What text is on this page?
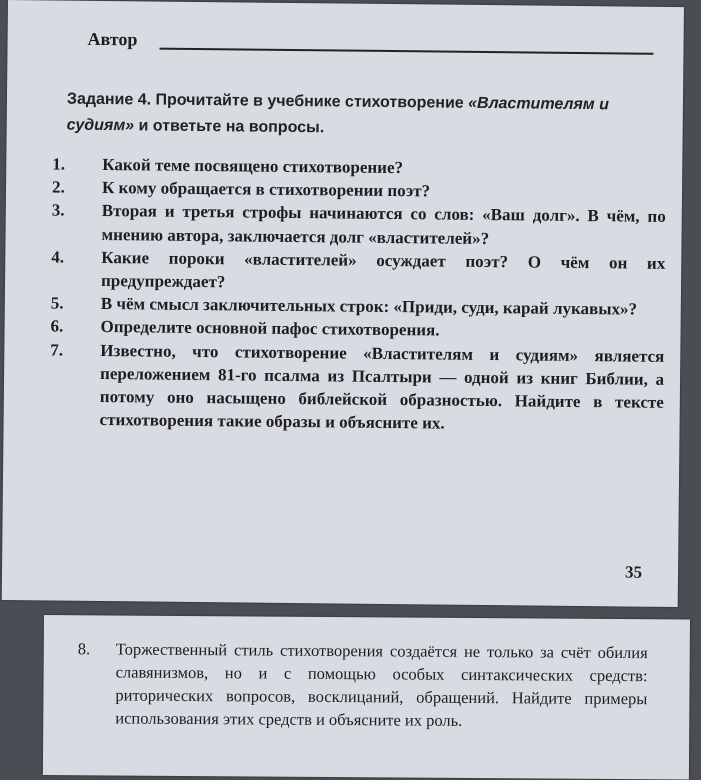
Автор
Задание 4. Прочитайте в учебнике стихотворение «Властителям и судиям» и ответьте на вопросы.
1.	Какой теме посвящено стихотворение?
2.	К кому обращается в стихотворении поэт?
3.	Вторая и третья строфы начинаются со слов: «Ваш долг». В чём, по мнению автора, заключается долг «властителей»?
4.	Какие пороки «властителей» осуждает поэт? О чём он их предупреждает?
5.	В чём смысл заключительных строк: «Приди, суди, карай лукавых»?
6.	Определите основной пафос стихотворения.
7.	Известно, что стихотворение «Властителям и судиям» является переложением 81-го псалма из Псалтыри — одной из книг Библии, а потому оно насыщено библейской образностью. Найдите в тексте стихотворения такие образы и объясните их.
35
8.	Торжественный стиль стихотворения создаётся не только за счёт обилия славянизмов, но и с помощью особых синтаксических средств: риторических вопросов, восклицаний, обращений. Найдите примеры использования этих средств и объясните их роль.
